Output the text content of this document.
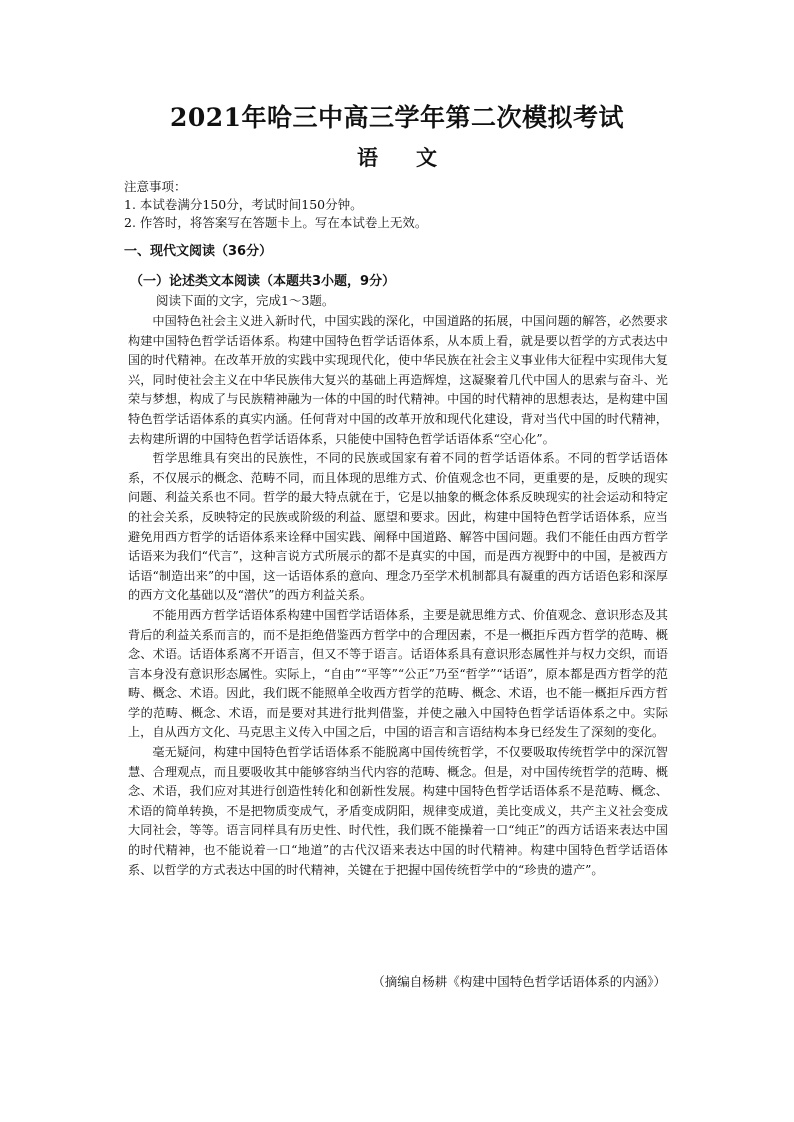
2021年哈三中高三学年第二次模拟考试
语文
注意事项：
1. 本试卷满分150分，考试时间150分钟。
2. 作答时，将答案写在答题卡上。写在本试卷上无效。
一、现代文阅读（36分）
（一）论述类文本阅读（本题共3小题，9分）
阅读下面的文字，完成1～3题。

中国特色社会主义进入新时代，中国实践的深化，中国道路的拓展，中国问题的解答，必然要求构建中国特色哲学话语体系。构建中国特色哲学话语体系，从本质上看，就是要以哲学的方式表达中国的时代精神。在改革开放的实践中实现现代化，使中华民族在社会主义事业伟大征程中实现伟大复兴，同时使社会主义在中华民族伟大复兴的基础上再造辉煌，这凝聚着几代中国人的思索与奋斗、光荣与梦想，构成了与民族精神融为一体的中国的时代精神。中国的时代精神的思想表达，是构建中国特色哲学话语体系的真实内涵。任何背对中国的改革开放和现代化建设，背对当代中国的时代精神，去构建所谓的中国特色哲学话语体系，只能使中国特色哲学话语体系“空心化”。

哲学思维具有突出的民族性，不同的民族或国家有着不同的哲学话语体系。不同的哲学话语体系，不仅展示的概念、范畴不同，而且体现的思维方式、价值观念也不同，更重要的是，反映的现实问题、利益关系也不同。哲学的最大特点就在于，它是以抽象的概念体系反映现实的社会运动和特定的社会关系，反映特定的民族或阶级的利益、愿望和要求。因此，构建中国特色哲学话语体系，应当避免用西方哲学的话语体系来诠释中国实践、阐释中国道路、解答中国问题。我们不能任由西方哲学话语来为我们“代言”，这种言说方式所展示的都不是真实的中国，而是西方视野中的中国，是被西方话语“制造出来”的中国，这一话语体系的意向、理念乃至学术机制都具有凝重的西方话语色彩和深厚的西方文化基础以及“潜伏”的西方利益关系。

不能用西方哲学话语体系构建中国哲学话语体系，主要是就思维方式、价值观念、意识形态及其背后的利益关系而言的，而不是拒绝借鉴西方哲学中的合理因素，不是一概拒斥西方哲学的范畴、概念、术语。话语体系离不开语言，但又不等于语言。话语体系具有意识形态属性并与权力交织，而语言本身没有意识形态属性。实际上，“自由”“平等”“公正”乃至“哲学”“话语”，原本都是西方哲学的范畴、概念、术语。因此，我们既不能照单全收西方哲学的范畴、概念、术语，也不能一概拒斥西方哲学的范畴、概念、术语，而是要对其进行批判借鉴，并使之融入中国特色哲学话语体系之中。实际上，自从西方文化、马克思主义传入中国之后，中国的语言和言语结构本身已经发生了深刻的变化。

毫无疑问，构建中国特色哲学话语体系不能脱离中国传统哲学，不仅要吸取传统哲学中的深沉智慧、合理观点，而且要吸收其中能够容纳当代内容的范畴、概念。但是，对中国传统哲学的范畴、概念、术语，我们应对其进行创造性转化和创新性发展。构建中国特色哲学话语体系不是范畴、概念、术语的简单转换，不是把物质变成气，矛盾变成阴阳，规律变成道，美比变成义，共产主义社会变成大同社会，等等。语言同样具有历史性、时代性，我们既不能操着一口“纯正”的西方话语来表达中国的时代精神，也不能说着一口“地道”的古代汉语来表达中国的时代精神。构建中国特色哲学话语体系、以哲学的方式表达中国的时代精神，关键在于把握中国传统哲学中的“珍贵的遗产”。

（摘编自杨耕《构建中国特色哲学话语体系的内涵》）
